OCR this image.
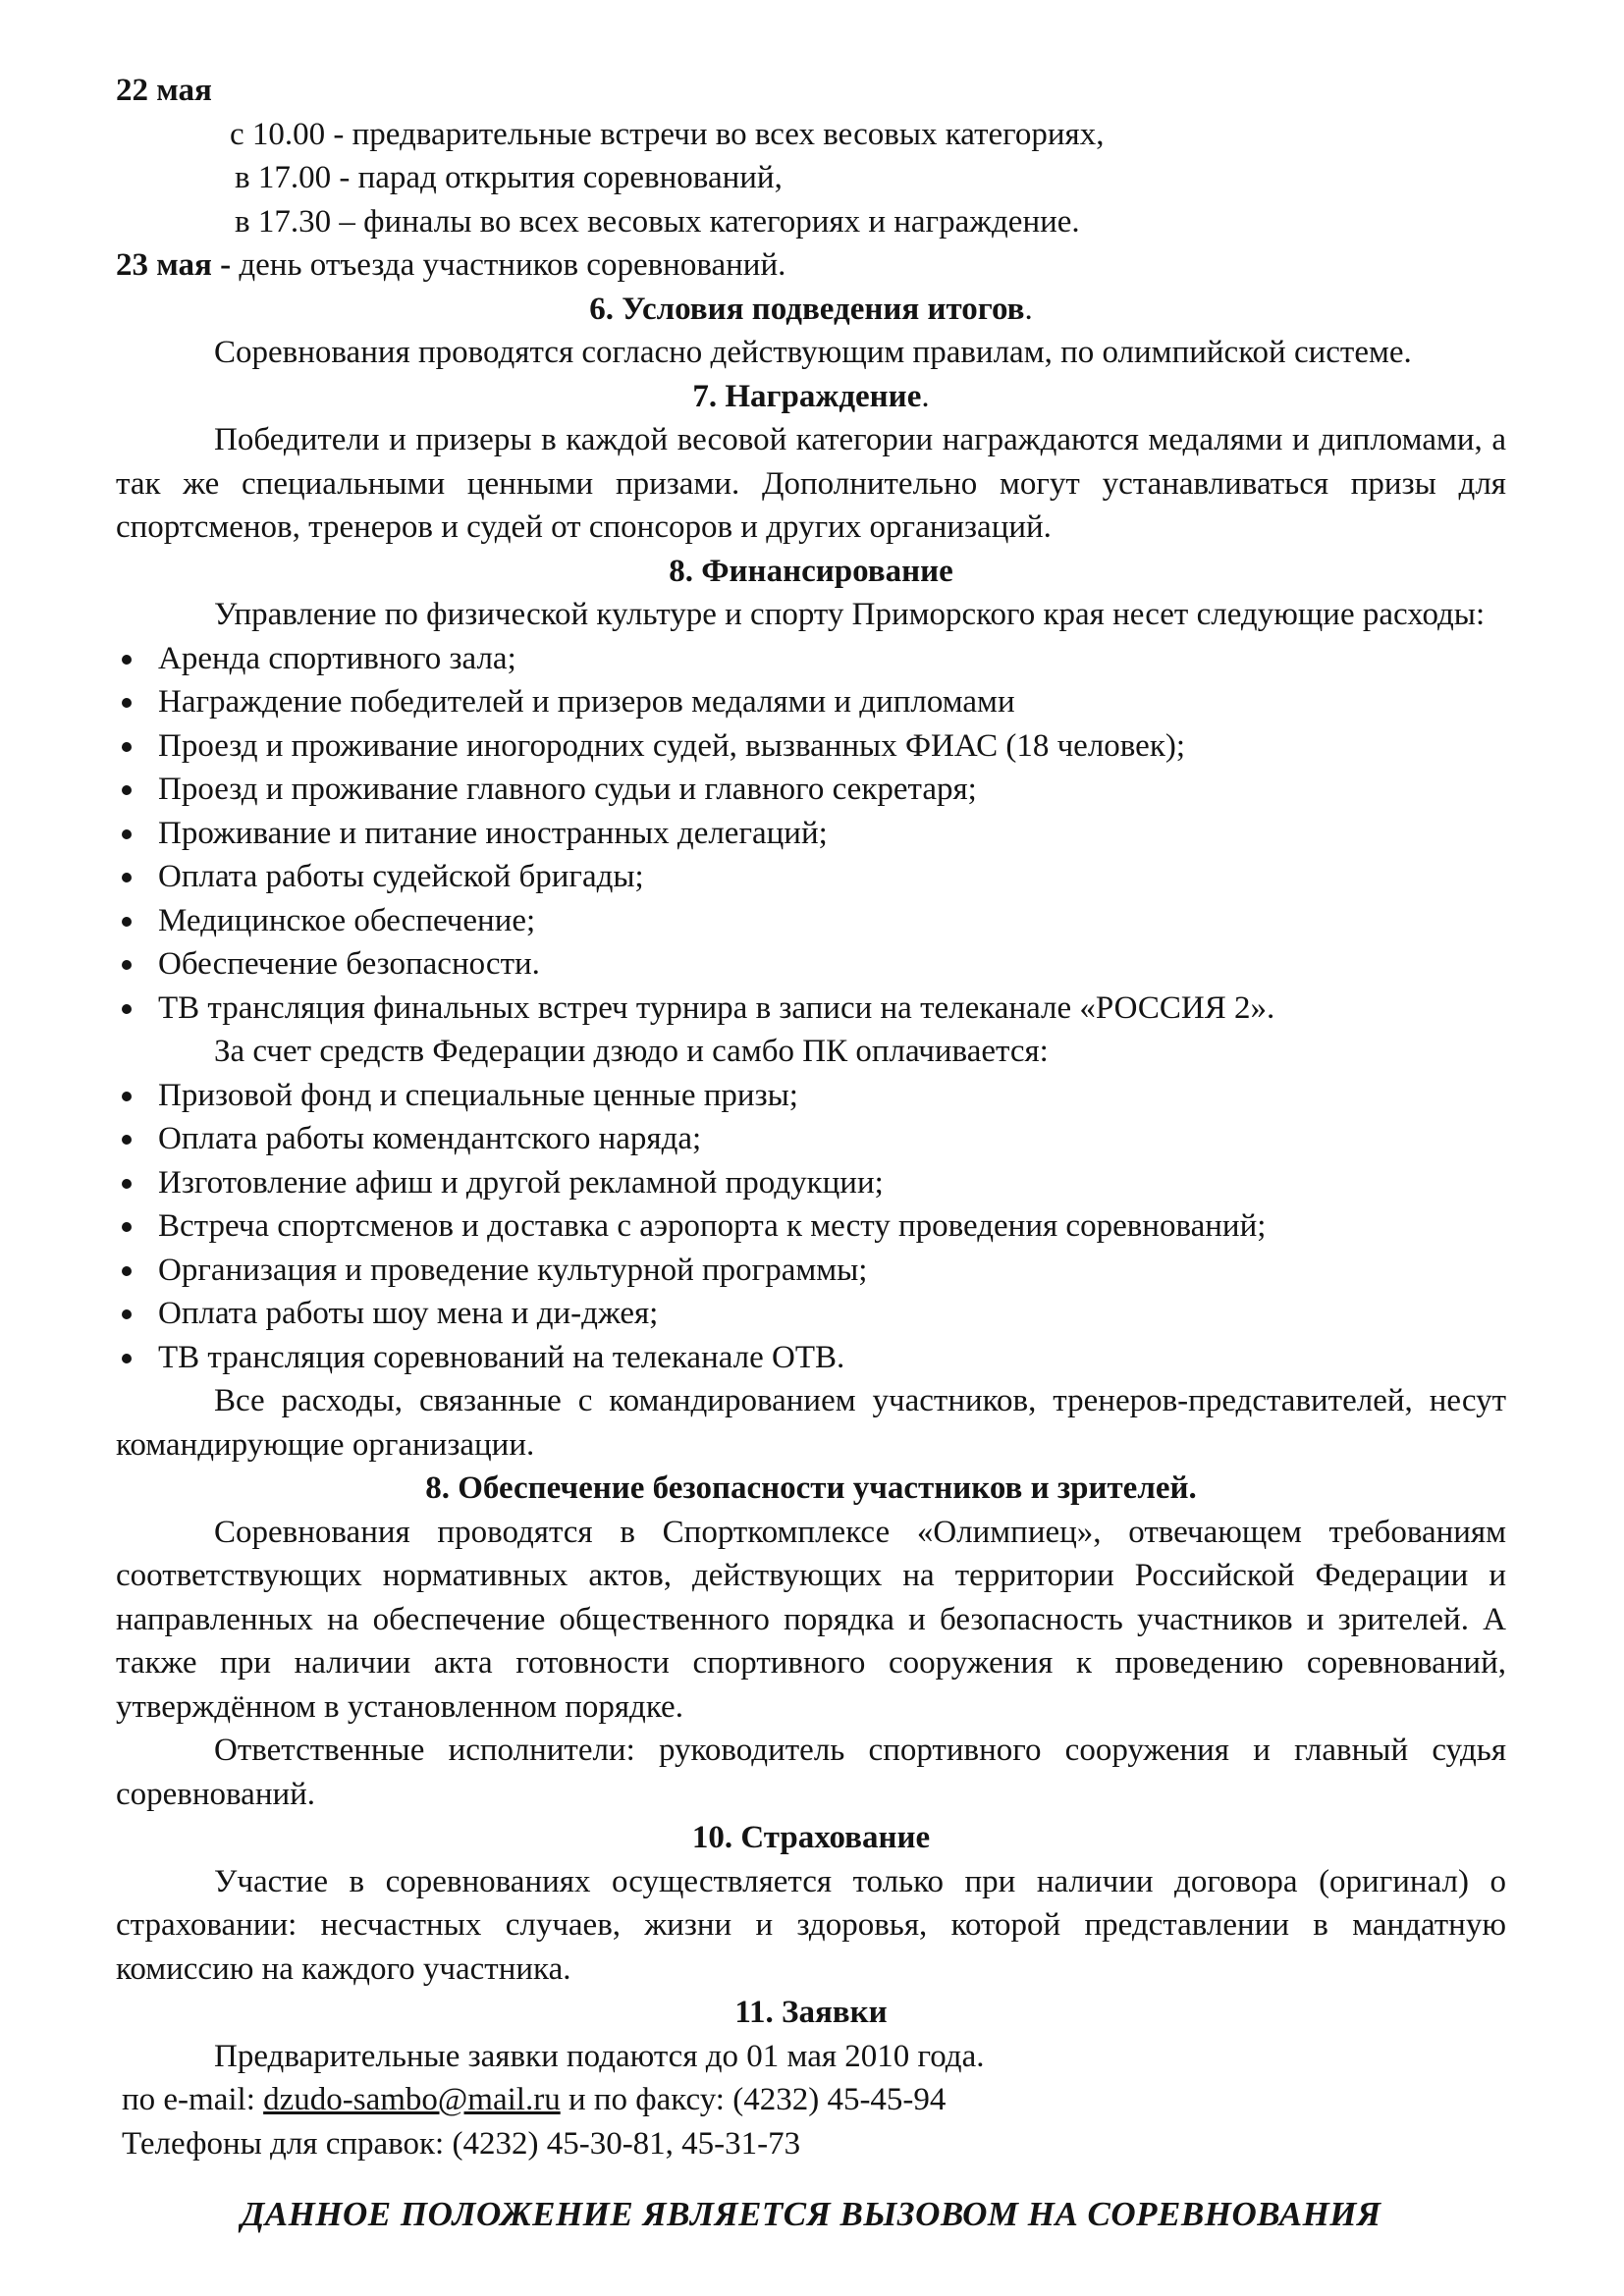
22 мая

с 10.00 - предварительные встречи во всех весовых категориях,

в 17.00 - парад открытия соревнований,

в 17.30 – финалы во всех весовых категориях и награждение.

23 мая - день отъезда участников соревнований.

6. Условия подведения итогов.

Соревнования проводятся согласно действующим правилам, по олимпийской системе.

7. Награждение.

Победители и призеры в каждой весовой категории награждаются медалями и дипломами, а так же специальными ценными призами. Дополнительно могут устанавливаться призы для спортсменов, тренеров и судей от спонсоров и других организаций.

8. Финансирование

Управление по физической культуре и спорту Приморского края несет следующие расходы:

Аренда спортивного зала;
Награждение победителей и призеров медалями и дипломами
Проезд и проживание иногородних судей, вызванных ФИАС (18 человек);
Проезд и проживание главного судьи и главного секретаря;
Проживание и питание иностранных делегаций;
Оплата работы судейской бригады;
Медицинское обеспечение;
Обеспечение безопасности.
ТВ трансляция финальных встреч турнира в записи на телеканале «РОССИЯ 2».

За счет средств Федерации дзюдо и самбо ПК оплачивается:

Призовой фонд и специальные ценные призы;
Оплата работы комендантского наряда;
Изготовление афиш и другой рекламной продукции;
Встреча спортсменов и доставка с аэропорта к месту проведения соревнований;
Организация и проведение культурной программы;
Оплата работы шоу мена и ди-джея;
ТВ трансляция соревнований на телеканале ОТВ.

Все расходы, связанные с командированием участников, тренеров-представителей, несут командирующие организации.

8. Обеспечение безопасности участников и зрителей.

Соревнования проводятся в Спорткомплексе «Олимпиец», отвечающем требованиям соответствующих нормативных актов, действующих на территории Российской Федерации и направленных на обеспечение общественного порядка и безопасность участников и зрителей. А также при наличии акта готовности спортивного сооружения к проведению соревнований, утверждённом в установленном порядке.

Ответственные исполнители: руководитель спортивного сооружения и главный судья соревнований.

10. Страхование

Участие в соревнованиях осуществляется только при наличии договора (оригинал) о страховании: несчастных случаев, жизни и здоровья, которой представлении в мандатную комиссию на каждого участника.

11. Заявки

Предварительные заявки подаются до 01 мая 2010 года.

по e-mail: dzudo-sambo@mail.ru и по факсу: (4232) 45-45-94

Телефоны для справок: (4232) 45-30-81, 45-31-73

ДАННОЕ ПОЛОЖЕНИЕ ЯВЛЯЕТСЯ ВЫЗОВОМ НА СОРЕВНОВАНИЯ
